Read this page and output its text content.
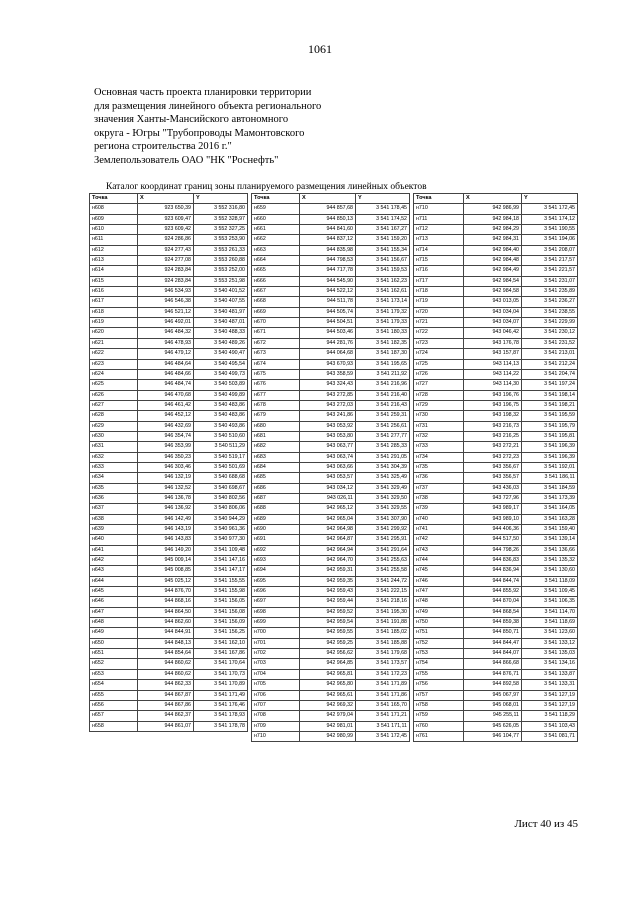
1061
Основная часть проекта планировки территории
для размещения линейного объекта регионального
значения Ханты-Мансийского автономного
округа - Югры "Трубопроводы Мамонтовского
региона строительства 2016 г."
Землепользователь ОАО "НК "Роснефть"
Каталог координат границ зоны планируемого размещения линейных объектов
Точка	X	Y
н608	923 650,39	3 552 316,80
н609	923 609,47	3 552 328,97
н610	923 609,42	3 552 327,25
н611	924 286,86	3 553 253,90
н612	924 277,43	3 553 261,33
н613	924 277,08	3 553 260,88
н614	924 283,84	3 553 252,00
н615	924 283,84	3 553 251,98
н616	946 534,93	3 540 401,52
н617	946 546,38	3 540 407,55
н618	946 521,12	3 540 481,97
н619	946 492,01	3 540 487,01
н620	946 484,32	3 540 488,33
н621	946 478,93	3 540 489,26
н622	946 479,12	3 540 490,47
н623	946 484,64	3 540 495,54
н624	946 484,66	3 540 499,73
н625	946 484,74	3 540 503,89
н626	946 470,68	3 540 499,89
н627	946 461,42	3 540 483,86
н628	946 452,12	3 540 483,86
н629	946 432,69	3 540 493,86
н630	946 354,74	3 540 510,60
н631	946 353,99	3 540 511,29
н632	946 350,23	3 540 519,17
н633	946 303,46	3 540 501,69
н634	946 132,19	3 540 688,68
н635	946 132,52	3 540 698,67
н636	946 136,78	3 540 802,56
н637	946 136,92	3 540 806,06
н638	946 142,49	3 540 944,29
н639	946 143,19	3 540 961,36
н640	946 143,83	3 540 977,30
н641	946 149,20	3 541 109,48
н642	945 009,14	3 541 147,16
н643	945 008,85	3 541 147,17
н644	945 025,12	3 541 155,55
н645	944 876,70	3 541 155,98
н646	944 868,16	3 541 156,05
н647	944 864,50	3 541 156,08
н648	944 862,60	3 541 156,09
н649	944 844,91	3 541 156,25
н650	944 848,13	3 541 162,10
н651	944 854,64	3 541 167,86
н652	944 860,62	3 541 170,64
н653	944 860,62	3 541 170,73
н654	944 862,33	3 541 170,89
н655	944 867,87	3 541 171,49
н656	944 867,86	3 541 176,46
н657	944 862,37	3 541 178,93
н658	944 861,07	3 541 178,78
Точка	X	Y
н659	944 857,68	3 541 178,45
н660	944 850,13	3 541 174,52
н661	944 841,60	3 541 167,27
н662	944 837,12	3 541 159,20
н663	944 835,98	3 541 155,34
н664	944 798,53	3 541 156,67
н665	944 717,78	3 541 159,53
н666	944 545,90	3 541 162,23
н667	944 522,12	3 541 162,61
н668	944 511,78	3 541 173,14
н669	944 505,74	3 541 179,32
н670	944 504,51	3 541 179,33
н671	944 503,46	3 541 180,33
н672	944 281,76	3 541 182,35
н673	944 064,68	3 541 187,30
н674	943 670,93	3 541 195,65
н675	943 358,59	3 541 211,92
н676	943 324,43	3 541 216,96
н677	943 272,85	3 541 216,40
н678	943 272,03	3 541 216,43
н679	943 241,86	3 541 259,31
н680	943 053,92	3 541 256,61
н681	943 053,80	3 541 277,77
н682	943 063,77	3 541 285,33
н683	943 063,74	3 541 291,05
н684	943 063,66	3 541 304,39
н685	943 053,57	3 541 325,49
н686	943 034,12	3 541 329,49
н687	943 026,11	3 541 329,50
н688	942 965,12	3 541 329,55
н689	942 965,04	3 541 307,90
н690	942 964,98	3 541 299,92
н691	942 964,87	3 541 295,91
н692	942 964,94	3 541 291,64
н693	942 964,70	3 541 255,63
н694	942 959,31	3 541 255,58
н695	942 959,35	3 541 244,72
н696	942 959,43	3 541 222,15
н697	942 959,44	3 541 218,16
н698	942 959,52	3 541 195,30
н699	942 959,54	3 541 191,88
н700	942 959,55	3 541 185,02
н701	942 959,25	3 541 185,88
н702	942 956,62	3 541 179,68
н703	942 964,85	3 541 173,57
н704	942 965,81	3 541 172,23
н705	942 965,80	3 541 171,89
н706	942 965,61	3 541 171,86
н707	942 969,32	3 541 165,70
н708	942 979,04	3 541 171,21
н709	942 981,01	3 541 171,11
н710	942 980,99	3 541 172,45
Точка	X	Y
н710	942 986,99	3 541 172,45
н711	942 984,18	3 541 174,12
н712	942 984,29	3 541 190,55
н713	942 984,31	3 541 194,06
н714	942 984,40	3 541 208,07
н715	942 984,48	3 541 217,57
н716	942 984,49	3 541 221,57
н717	942 984,54	3 541 231,07
н718	942 984,58	3 541 235,89
н719	943 013,05	3 541 236,27
н720	943 034,04	3 541 238,55
н721	943 034,07	3 541 229,99
н722	943 046,42	3 541 230,12
н723	943 176,78	3 541 231,52
н724	943 157,87	3 541 213,01
н725	943 114,13	3 541 212,24
н726	943 114,22	3 541 204,74
н727	943 114,30	3 541 197,24
н728	943 196,76	3 541 198,14
н729	943 196,75	3 541 198,21
н730	943 198,32	3 541 195,59
н731	943 216,73	3 541 195,79
н732	943 216,25	3 541 195,81
н733	943 272,21	3 541 196,39
н734	943 272,23	3 541 196,39
н735	943 356,67	3 541 192,01
н736	943 356,57	3 541 186,11
н737	943 436,03	3 541 184,59
н738	943 727,96	3 541 173,39
н739	943 989,17	3 541 164,05
н740	943 989,10	3 541 163,28
н741	944 406,36	3 541 159,40
н742	944 517,50	3 541 139,14
н743	944 798,26	3 541 136,66
н744	944 836,83	3 541 135,32
н745	944 836,94	3 541 130,60
н746	944 844,74	3 541 118,09
н747	944 855,92	3 541 109,45
н748	944 870,04	3 541 106,35
н749	944 868,54	3 541 114,70
н750	944 859,38	3 541 118,69
н751	944 850,71	3 541 123,60
н752	944 844,47	3 541 133,12
н753	944 844,07	3 541 135,03
н754	944 866,68	3 541 134,16
н755	944 876,71	3 541 133,87
н756	944 892,58	3 541 133,31
н757	945 067,97	3 541 127,19
н758	945 068,01	3 541 127,19
н759	945 255,11	3 541 118,29
н760	945 626,05	3 541 103,43
н761	946 104,77	3 541 081,71
Лист 40 из 45
